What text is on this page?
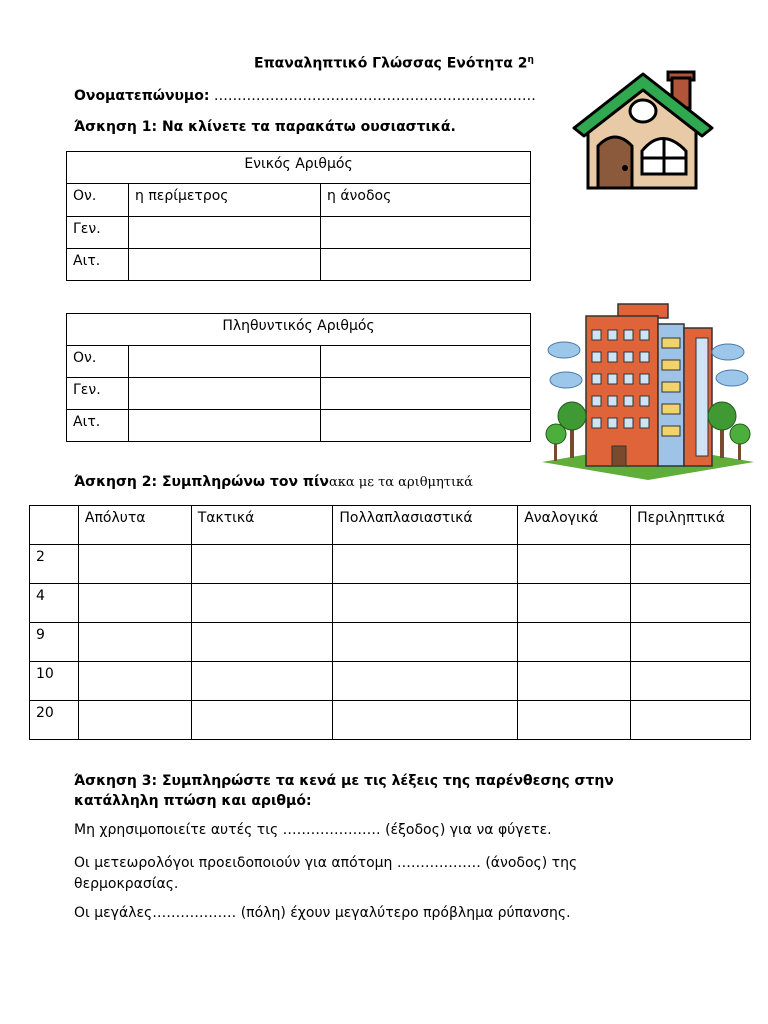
Επαναληπτικό Γλώσσας Ενότητα $2^\eta$
Ονοματεπώνυμο: ……………………………………………………………
Άσκηση 1: Να κλίνετε τα παρακάτω ουσιαστικά.
Ενικός Αριθμός		
Ον.	η περίμετρος	η άνοδος
Γεν.		
Αιτ.		
Πληθυντικός Αριθμός		
Ον.		
Γεν.		
Αιτ.		
Άσκηση 2: Συμπληρώνω τον πίνακα με τα αριθμητικά
	Απόλυτα	Τακτικά	Πολλαπλασιαστικά	Αναλογικά	Περιληπτικά
2					
4					
9					
10					
20					
Άσκηση 3: Συμπληρώστε τα κενά με τις λέξεις της παρένθεσης στην
κατάλληλη πτώση και αριθμό:
Μη χρησιμοποιείτε αυτές τις ………………… (έξοδος) για να φύγετε.
Οι μετεωρολόγοι προειδοποιούν για απότομη ……………… (άνοδος) της
θερμοκρασίας.
Οι μεγάλες……………… (πόλη) έχουν μεγαλύτερο πρόβλημα ρύπανσης.
